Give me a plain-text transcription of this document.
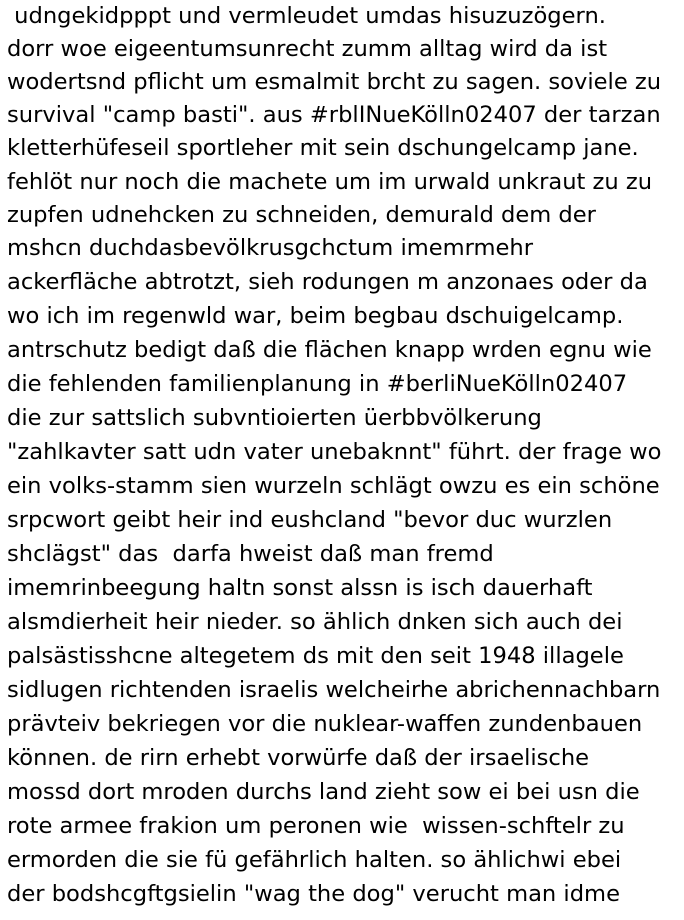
udngekidpppt und vermleudet umdas hisuzuzögern.
dorr woe eigeentumsunrecht zumm alltag wird da ist
wodertsnd pflicht um esmalmit brcht zu sagen. soviele zu
survival "camp basti". aus #rblINueKölln02407 der tarzan
kletterhüfeseil sportleher mit sein dschungelcamp jane.
fehlöt nur noch die machete um im urwald unkraut zu zu
zupfen udnehcken zu schneiden, demurald dem der
mshcn duchdasbevölkrusgchctum imemrmehr
ackerfläche abtrotzt, sieh rodungen m anzonaes oder da
wo ich im regenwld war, beim begbau dschuigelcamp.
antrschutz bedigt daß die flächen knapp wrden egnu wie
die fehlenden familienplanung in #berliNueKölln02407
die zur sattslich subvntioierten üerbbvölkerung
"zahlkavter satt udn vater unebaknnt" führt. der frage wo
ein volks-stamm sien wurzeln schlägt owzu es ein schöne
srpcwort geibt heir ind eushcland "bevor duc wurzlen
shclägst" das  darfa hweist daß man fremd
imemrinbeegung haltn sonst alssn is isch dauerhaft
alsmdierheit heir nieder. so ählich dnken sich auch dei
palsästisshcne altegetem ds mit den seit 1948 illagele
sidlugen richtenden israelis welcheirhe abrichennachbarn
prävteiv bekriegen vor die nuklear-waffen zundenbauen
können. de rirn erhebt vorwürfe daß der irsaelische
mossd dort mroden durchs land zieht sow ei bei usn die
rote armee frakion um peronen wie  wissen-schftelr zu
ermorden die sie fü gefährlich halten. so ählichwi ebei
der bodshcgftgsielin "wag the dog" verucht man idme
